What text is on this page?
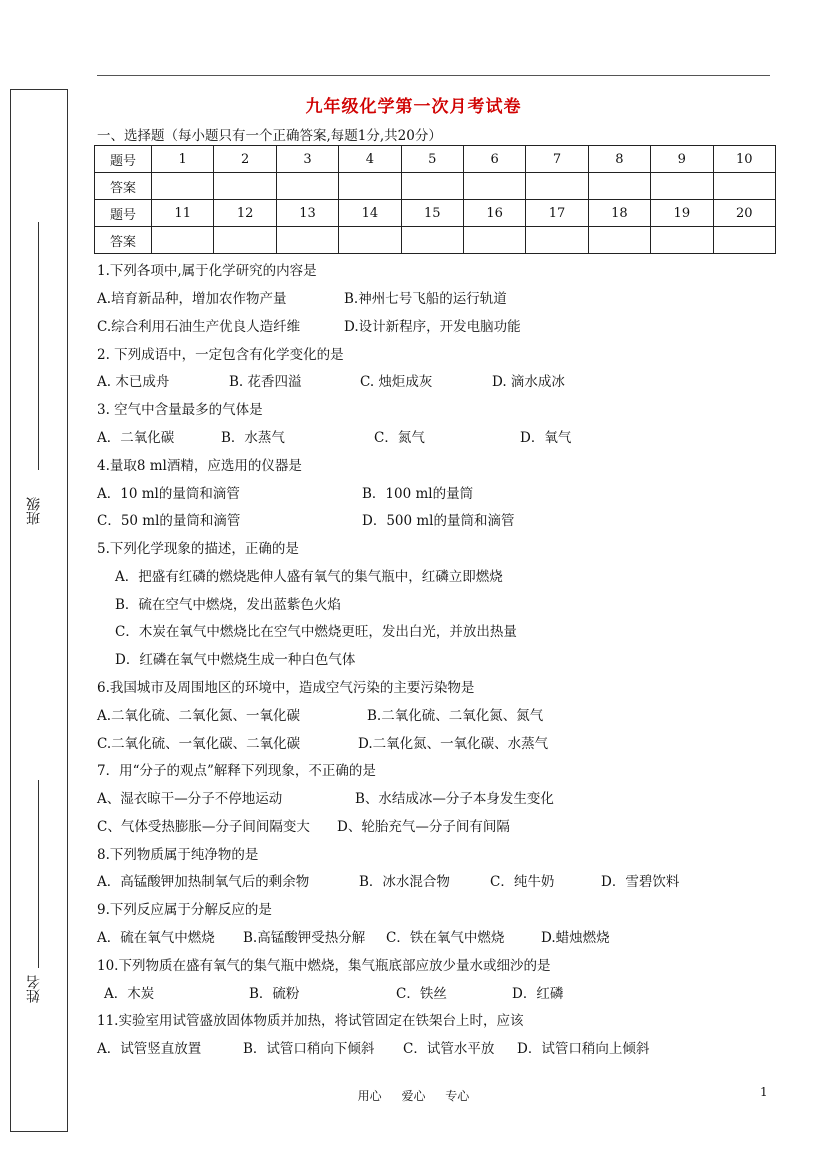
班级
姓名
九年级化学第一次月考试卷
一、选择题（每小题只有一个正确答案,每题1分,共20分）
题号	1	2	3	4	5	6	7	8	9	10
答案										
题号	11	12	13	14	15	16	17	18	19	20
答案										
1.下列各项中,属于化学研究的内容是
A.培育新品种，增加农作物产量	B.神州七号飞船的运行轨道
C.综合利用石油生产优良人造纤维	D.设计新程序，开发电脑功能
2. 下列成语中，一定包含有化学变化的是
A. 木已成舟	B. 花香四溢	C. 烛炬成灰	D. 滴水成冰
3. 空气中含量最多的气体是
A．二氧化碳	B．水蒸气	C．氮气	D．氧气
4.量取8 ml酒精，应选用的仪器是
A．10 ml的量筒和滴管	B．100 ml的量筒
C．50 ml的量筒和滴管	D．500 ml的量筒和滴管
5.下列化学现象的描述，正确的是
A．把盛有红磷的燃烧匙伸人盛有氧气的集气瓶中，红磷立即燃烧
B．硫在空气中燃烧，发出蓝紫色火焰
C．木炭在氧气中燃烧比在空气中燃烧更旺，发出白光，并放出热量
D．红磷在氧气中燃烧生成一种白色气体
6.我国城市及周围地区的环境中，造成空气污染的主要污染物是
A.二氧化硫、二氧化氮、一氧化碳	B.二氧化硫、二氧化氮、氮气
C.二氧化硫、一氧化碳、二氧化碳	D.二氧化氮、一氧化碳、水蒸气
7．用“分子的观点”解释下列现象，不正确的是
A、湿衣晾干—分子不停地运动	B、水结成冰—分子本身发生变化
C、气体受热膨胀—分子间间隔变大 D、轮胎充气—分子间有间隔
8.下列物质属于纯净物的是
A．高锰酸钾加热制氧气后的剩余物	B．冰水混合物	C．纯牛奶	D．雪碧饮料
9.下列反应属于分解反应的是
A．硫在氧气中燃烧 B.高锰酸钾受热分解 C．铁在氧气中燃烧	D.蜡烛燃烧
10.下列物质在盛有氧气的集气瓶中燃烧，集气瓶底部应放少量水或细沙的是
A．木炭	B．硫粉	C．铁丝	D．红磷
11.实验室用试管盛放固体物质并加热，将试管固定在铁架台上时，应该
A．试管竖直放置	B．试管口稍向下倾斜 C．试管水平放 D．试管口稍向上倾斜
用心 爱心 专心	1
